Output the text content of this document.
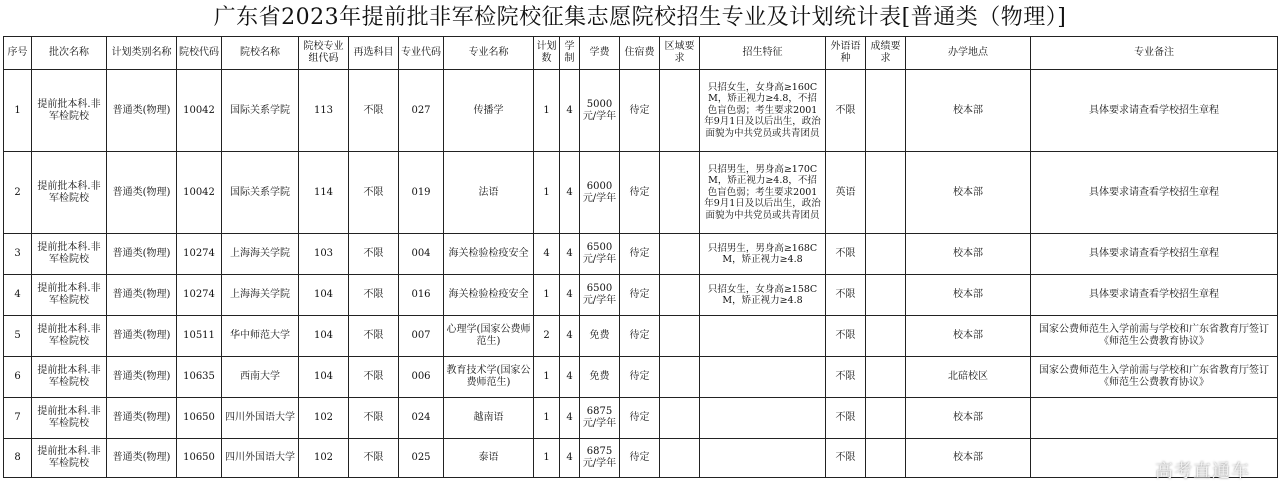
广东省2023年提前批非军检院校征集志愿院校招生专业及计划统计表[普通类（物理）]
序号	批次名称	计划类别名称	院校代码	院校名称	院校专业组代码	再选科目	专业代码	专业名称	计划数	学制	学费	住宿费	区域要求	招生特征	外语语种	成绩要求	办学地点	专业备注
1	提前批本科.非军检院校	普通类(物理)	10042	国际关系学院	113	不限	027	传播学	1	4	5000元/学年	待定		只招女生，女身高≥160CM，矫正视力≥4.8，不招色盲色弱；考生要求2001年9月1日及以后出生，政治面貌为中共党员或共青团员	不限		校本部	具体要求请查看学校招生章程
2	提前批本科.非军检院校	普通类(物理)	10042	国际关系学院	114	不限	019	法语	1	4	6000元/学年	待定		只招男生，男身高≥170CM，矫正视力≥4.8，不招色盲色弱；考生要求2001年9月1日及以后出生，政治面貌为中共党员或共青团员	英语		校本部	具体要求请查看学校招生章程
3	提前批本科.非军检院校	普通类(物理)	10274	上海海关学院	103	不限	004	海关检验检疫安全	4	4	6500元/学年	待定		只招男生，男身高≥168CM，矫正视力≥4.8	不限		校本部	具体要求请查看学校招生章程
4	提前批本科.非军检院校	普通类(物理)	10274	上海海关学院	104	不限	016	海关检验检疫安全	1	4	6500元/学年	待定		只招女生，女身高≥158CM，矫正视力≥4.8	不限		校本部	具体要求请查看学校招生章程
5	提前批本科.非军检院校	普通类(物理)	10511	华中师范大学	104	不限	007	心理学(国家公费师范生)	2	4	免费	待定			不限		校本部	国家公费师范生入学前需与学校和广东省教育厅签订《师范生公费教育协议》
6	提前批本科.非军检院校	普通类(物理)	10635	西南大学	104	不限	006	教育技术学(国家公费师范生)	1	4	免费	待定			不限		北碚校区	国家公费师范生入学前需与学校和广东省教育厅签订《师范生公费教育协议》
7	提前批本科.非军检院校	普通类(物理)	10650	四川外国语大学	102	不限	024	越南语	1	4	6875元/学年	待定			不限		校本部	
8	提前批本科.非军检院校	普通类(物理)	10650	四川外国语大学	102	不限	025	泰语	1	4	6875元/学年	待定			不限		校本部	
高考直通车
